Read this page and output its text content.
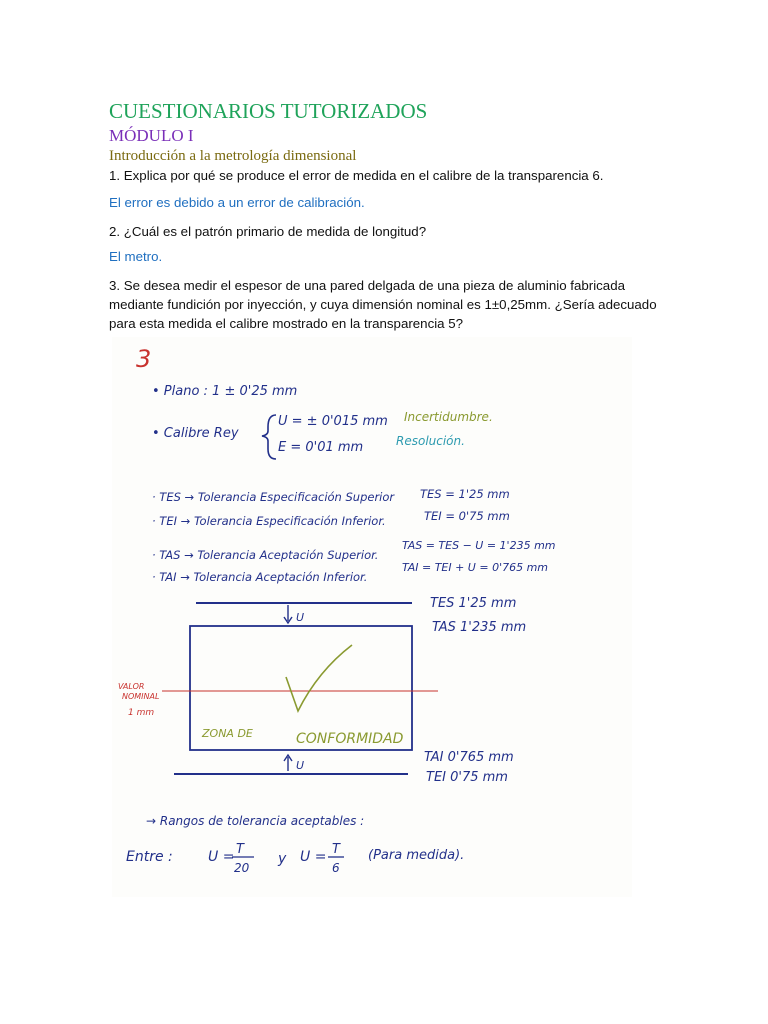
CUESTIONARIOS TUTORIZADOS
MÓDULO I
Introducción a la metrología dimensional
1. Explica por qué se produce el error de medida en el calibre de la transparencia 6.
El error es debido a un error de calibración.
2. ¿Cuál es el patrón primario de medida de longitud?
El metro.
3. Se desea medir el espesor de una pared delgada de una pieza de aluminio fabricada
mediante fundición por inyección, y cuya dimensión nominal es 1±0,25mm. ¿Sería adecuado
para esta medida el calibre mostrado en la transparencia 5?
3
• Plano : 1 ± 0'25 mm
• Calibre Rey
U = ± 0'015 mm Incertidumbre.
E = 0'01 mm	Resolución.
· TES → Tolerancia Especificación Superior TES = 1'25 mm
· TEI → Tolerancia Especificación Inferior.	TEI = 0'75 mm
· TAS → Tolerancia Aceptación Superior.
TAS = TES − U = 1'235 mm
· TAI → Tolerancia Aceptación Inferior.
TAI = TEI + U = 0'765 mm
U
TES 1'25 mm
TAS 1'235 mm
VALOR
NOMINAL
1 mm
ZONA DE	CONFORMIDAD
TAI 0'765 mm
U
TEI 0'75 mm
→ Rangos de tolerancia aceptables :
Entre :	U = T
20
y U = T
6
(Para medida).
